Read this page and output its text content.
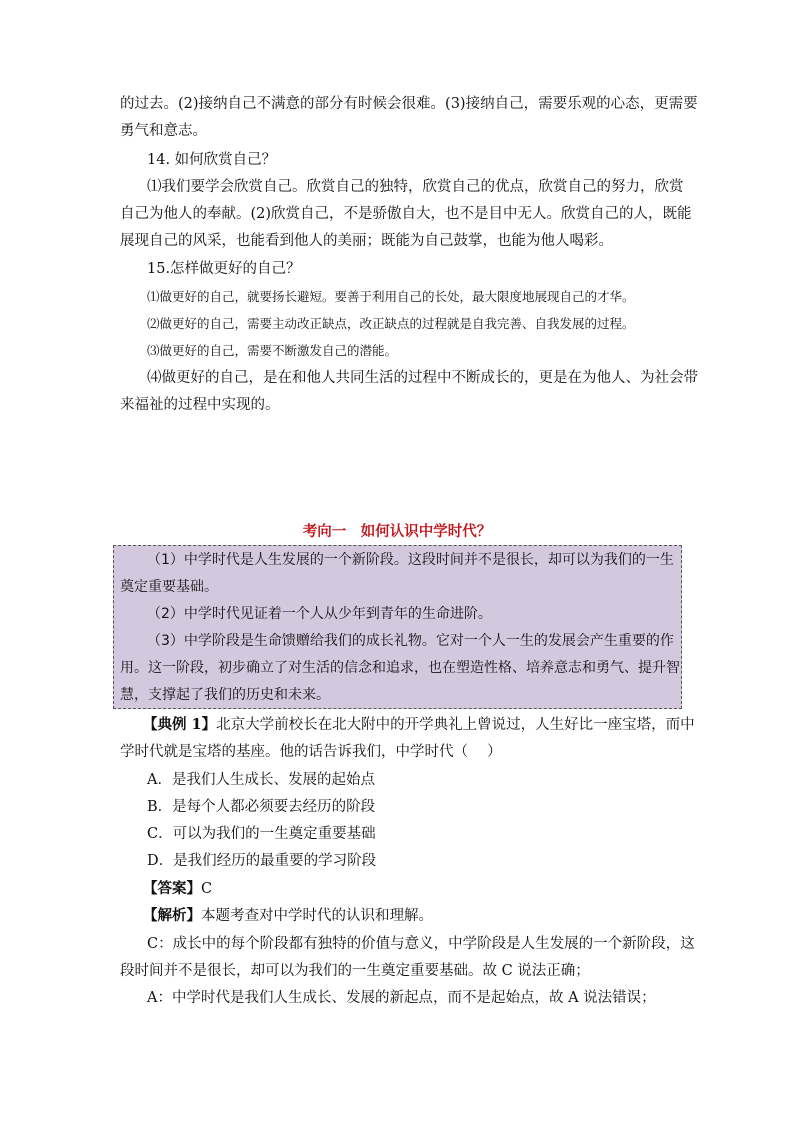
的过去。(2)接纳自己不满意的部分有时候会很难。(3)接纳自己，需要乐观的心态，更需要
勇气和意志。
14. 如何欣赏自己？
⑴我们要学会欣赏自己。欣赏自己的独特，欣赏自己的优点，欣赏自己的努力，欣赏
自己为他人的奉献。(2)欣赏自己，不是骄傲自大，也不是目中无人。欣赏自己的人，既能
展现自己的风采，也能看到他人的美丽；既能为自己鼓掌，也能为他人喝彩。
15.怎样做更好的自己？
⑴做更好的自己，就要扬长避短。要善于利用自己的长处，最大限度地展现自己的才华。
⑵做更好的自己，需要主动改正缺点，改正缺点的过程就是自我完善、自我发展的过程。
⑶做更好的自己，需要不断激发自己的潜能。
⑷做更好的自己，是在和他人共同生活的过程中不断成长的，更是在为他人、为社会带
来福祉的过程中实现的。
考向一　如何认识中学时代？
（1）中学时代是人生发展的一个新阶段。这段时间并不是很长，却可以为我们的一生
奠定重要基础。
（2）中学时代见证着一个人从少年到青年的生命进阶。
（3）中学阶段是生命馈赠给我们的成长礼物。它对一个人一生的发展会产生重要的作
用。这一阶段，初步确立了对生活的信念和追求，也在塑造性格、培养意志和勇气、提升智
慧，支撑起了我们的历史和未来。
【典例 1】北京大学前校长在北大附中的开学典礼上曾说过，人生好比一座宝塔，而中
学时代就是宝塔的基座。他的话告诉我们，中学时代（　 ）
A．是我们人生成长、发展的起始点
B．是每个人都必须要去经历的阶段
C．可以为我们的一生奠定重要基础
D．是我们经历的最重要的学习阶段
【答案】C
【解析】本题考查对中学时代的认识和理解。
C：成长中的每个阶段都有独特的价值与意义，中学阶段是人生发展的一个新阶段，这
段时间并不是很长，却可以为我们的一生奠定重要基础。故 C 说法正确；
A：中学时代是我们人生成长、发展的新起点，而不是起始点，故 A 说法错误；
